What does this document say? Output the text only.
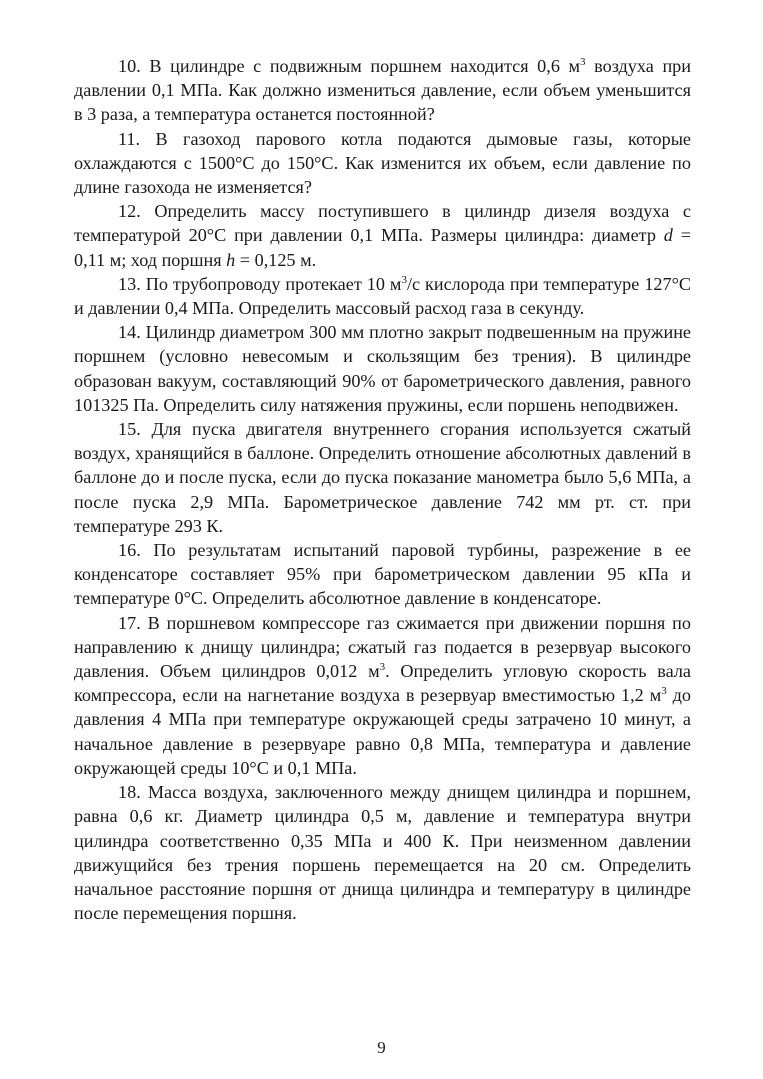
10. В цилиндре с подвижным поршнем находится 0,6 $м^3$ воздуха при давлении 0,1 МПа. Как должно измениться давление, если объем уменьшится в 3 раза, а температура останется постоянной?

11. В газоход парового котла подаются дымовые газы, которые охлаждаются с 1500°С до 150°С. Как изменится их объем, если давление по длине газохода не изменяется?

12. Определить массу поступившего в цилиндр дизеля воздуха с температурой 20°С при давлении 0,1 МПа. Размеры цилиндра: диаметр d = 0,11 м; ход поршня h = 0,125 м.

13. По трубопроводу протекает 10 $м^3/с$ кислорода при температуре 127°С и давлении 0,4 МПа. Определить массовый расход газа в секунду.

14. Цилиндр диаметром 300 мм плотно закрыт подвешенным на пружине поршнем (условно невесомым и скользящим без трения). В цилиндре образован вакуум, составляющий 90% от барометрического давления, равного 101325 Па. Определить силу натяжения пружины, если поршень неподвижен.

15. Для пуска двигателя внутреннего сгорания используется сжатый воздух, хранящийся в баллоне. Определить отношение абсолютных давлений в баллоне до и после пуска, если до пуска показание манометра было 5,6 МПа, а после пуска 2,9 МПа. Барометрическое давление 742 мм рт. ст. при температуре 293 К.

16. По результатам испытаний паровой турбины, разрежение в ее конденсаторе составляет 95% при барометрическом давлении 95 кПа и температуре 0°С. Определить абсолютное давление в конденсаторе.

17. В поршневом компрессоре газ сжимается при движении поршня по направлению к днищу цилиндра; сжатый газ подается в резервуар высокого давления. Объем цилиндров 0,012 $м^3$. Определить угловую скорость вала компрессора, если на нагнетание воздуха в резервуар вместимостью 1,2 $м^3$ до давления 4 МПа при температуре окружающей среды затрачено 10 минут, а начальное давление в резервуаре равно 0,8 МПа, температура и давление окружающей среды 10°С и 0,1 МПа.

18. Масса воздуха, заключенного между днищем цилиндра и поршнем, равна 0,6 кг. Диаметр цилиндра 0,5 м, давление и температура внутри цилиндра соответственно 0,35 МПа и 400 К. При неизменном давлении движущийся без трения поршень перемещается на 20 см. Определить начальное расстояние поршня от днища цилиндра и температуру в цилиндре после перемещения поршня.

9
